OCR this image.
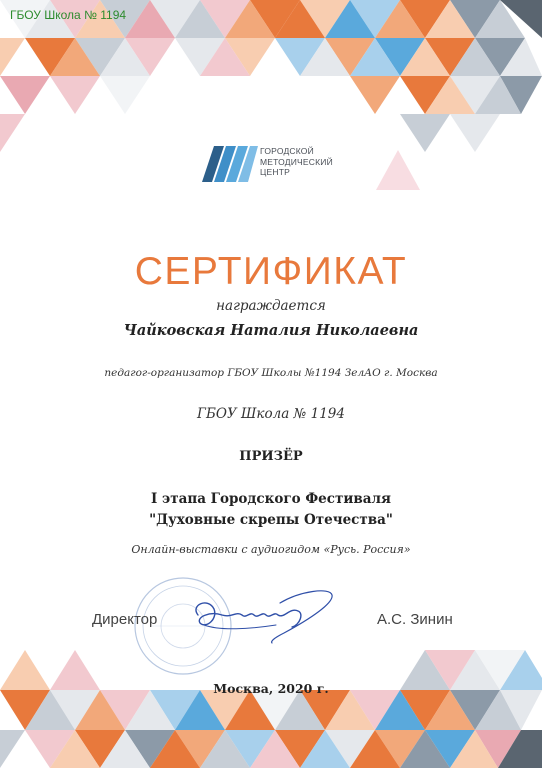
ГБОУ Школа № 1194
ГОРОДСКОЙ
МЕТОДИЧЕСКИЙ
ЦЕНТР
СЕРТИФИКАТ
награждается
Чайковская Наталия Николаевна
педагог-организатор ГБОУ Школы №1194 ЗелАО г. Москва
ГБОУ Школа № 1194
ПРИЗЁР
I этапа Городского Фестиваля
"Духовные скрепы Отечества"
Онлайн-выставки с аудиогидом «Русь. Россия»
Директор	А.С. Зинин
Москва, 2020 г.
